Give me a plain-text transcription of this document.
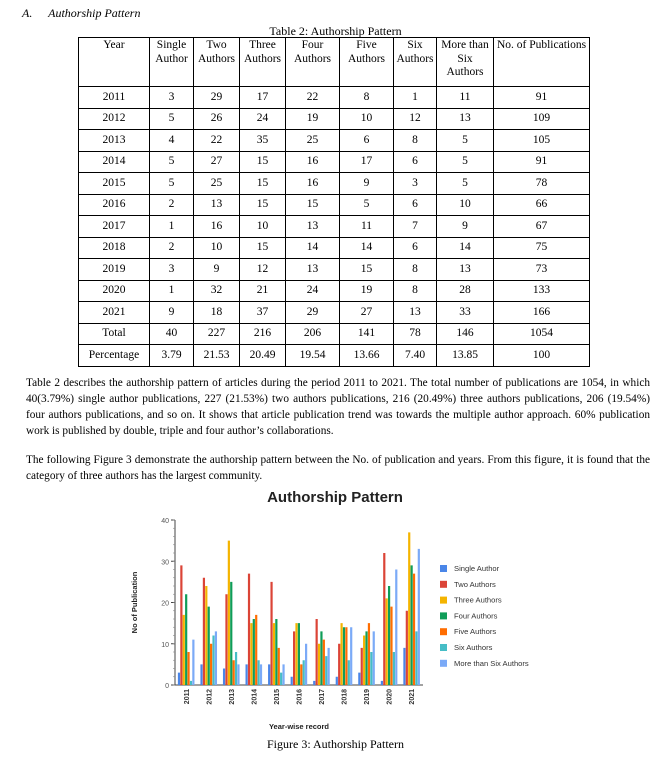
A. Authorship Pattern
Table 2: Authorship Pattern
Year	Single Author	Two Authors	Three Authors	Four Authors	Five Authors	Six Authors	More than Six Authors	No. of Publications
2011	3	29	17	22	8	1	11	91
2012	5	26	24	19	10	12	13	109
2013	4	22	35	25	6	8	5	105
2014	5	27	15	16	17	6	5	91
2015	5	25	15	16	9	3	5	78
2016	2	13	15	15	5	6	10	66
2017	1	16	10	13	11	7	9	67
2018	2	10	15	14	14	6	14	75
2019	3	9	12	13	15	8	13	73
2020	1	32	21	24	19	8	28	133
2021	9	18	37	29	27	13	33	166
Total	40	227	216	206	141	78	146	1054
Percentage	3.79	21.53	20.49	19.54	13.66	7.40	13.85	100
Table 2 describes the authorship pattern of articles during the period 2011 to 2021. The total number of publications are 1054, in which 40(3.79%) single author publications, 227 (21.53%) two authors publications, 216 (20.49%) three authors publications, 206 (19.54%) four authors publications, and so on. It shows that article publication trend was towards the multiple author approach. 60% publication work is published by double, triple and four author’s collaborations.
The following Figure 3 demonstrate the authorship pattern between the No. of publication and years. From this figure, it is found that the category of three authors has the largest community.
Authorship Pattern
0
10
20
30
40
No of Publication
2011 2012 2013 2014 2015 2016 2017 2018 2019 2020 2021
Year-wise record
Single Author
Two Authors
Three Authors
Four Authors
Five Authors
Six Authors
More than Six Authors
Figure 3: Authorship Pattern
